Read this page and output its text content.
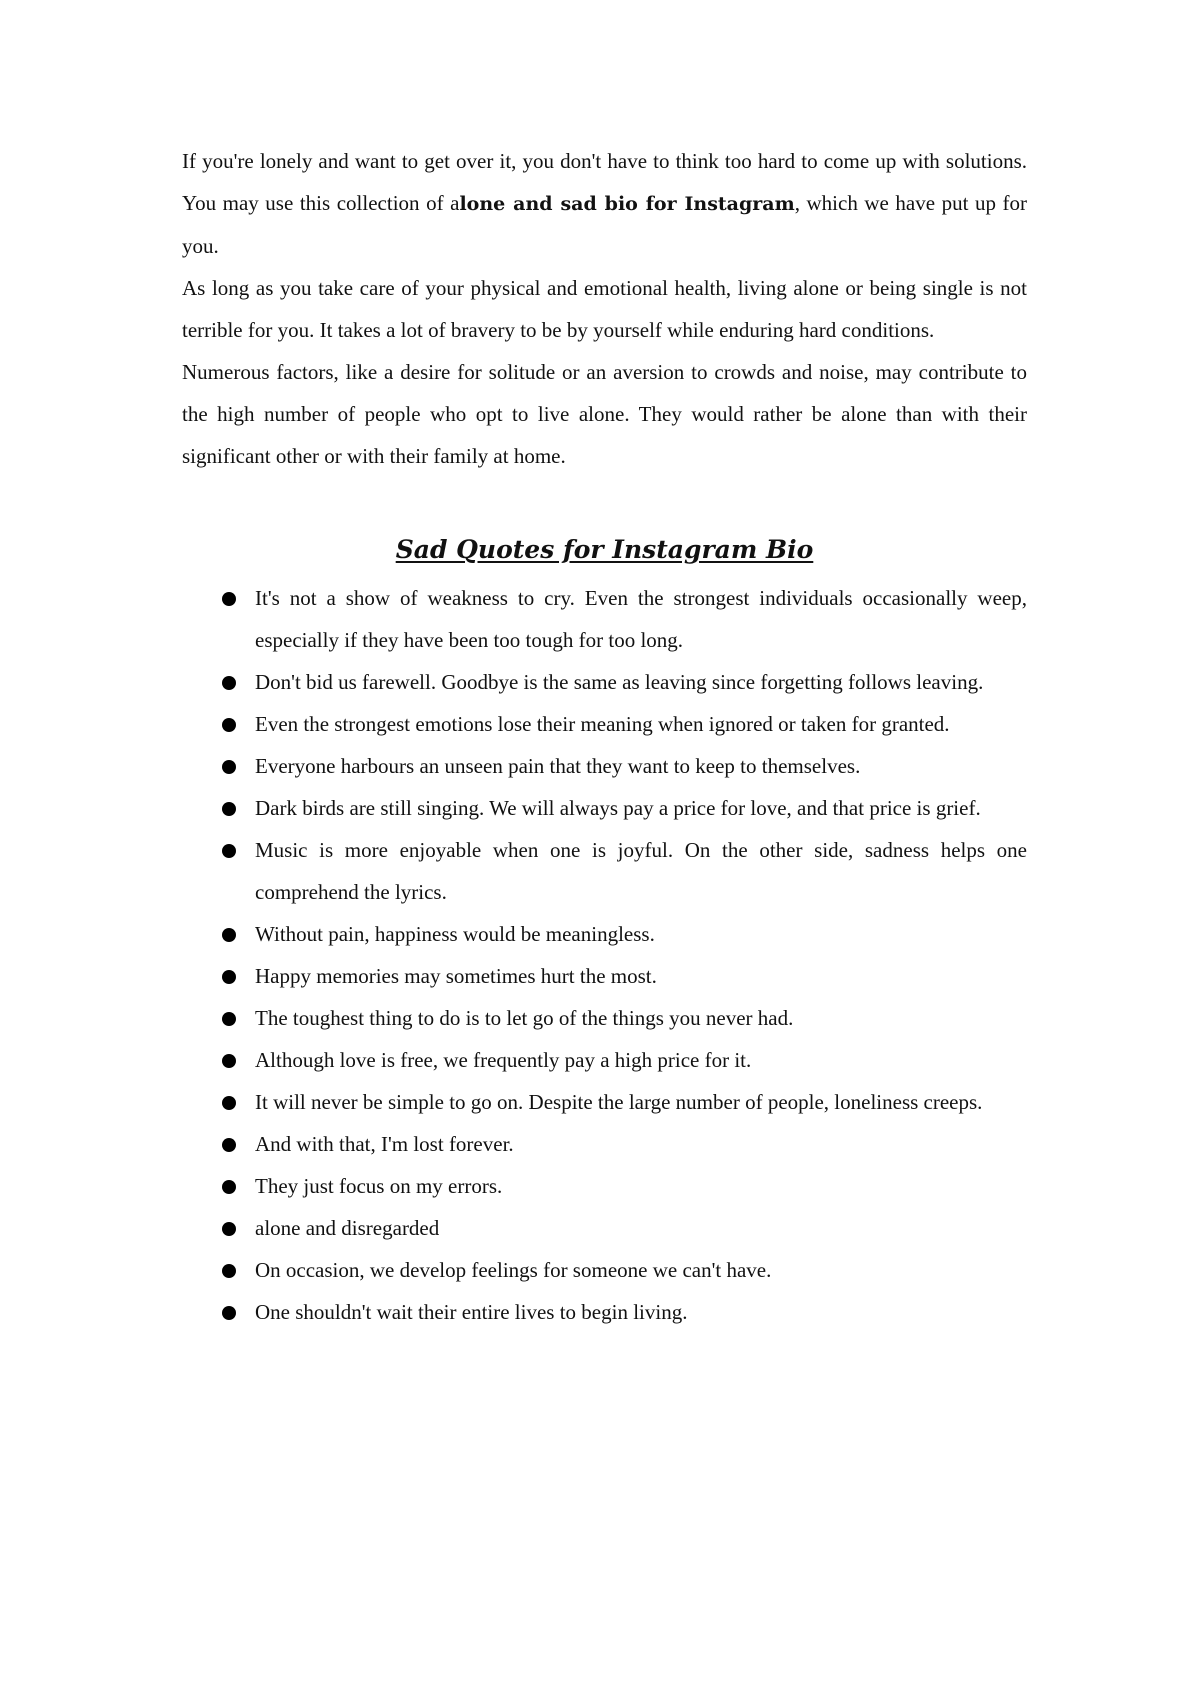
If you're lonely and want to get over it, you don't have to think too hard to come up with solutions. You may use this collection of alone and sad bio for Instagram, which we have put up for you.

As long as you take care of your physical and emotional health, living alone or being single is not terrible for you. It takes a lot of bravery to be by yourself while enduring hard conditions.

Numerous factors, like a desire for solitude or an aversion to crowds and noise, may contribute to the high number of people who opt to live alone. They would rather be alone than with their significant other or with their family at home.

Sad Quotes for Instagram Bio
It's not a show of weakness to cry. Even the strongest individuals occasionally weep, especially if they have been too tough for too long.
Don't bid us farewell. Goodbye is the same as leaving since forgetting follows leaving.
Even the strongest emotions lose their meaning when ignored or taken for granted.
Everyone harbours an unseen pain that they want to keep to themselves.
Dark birds are still singing. We will always pay a price for love, and that price is grief.
Music is more enjoyable when one is joyful. On the other side, sadness helps one comprehend the lyrics.
Without pain, happiness would be meaningless.
Happy memories may sometimes hurt the most.
The toughest thing to do is to let go of the things you never had.
Although love is free, we frequently pay a high price for it.
It will never be simple to go on. Despite the large number of people, loneliness creeps.
And with that, I'm lost forever.
They just focus on my errors.
alone and disregarded
On occasion, we develop feelings for someone we can't have.
One shouldn't wait their entire lives to begin living.
